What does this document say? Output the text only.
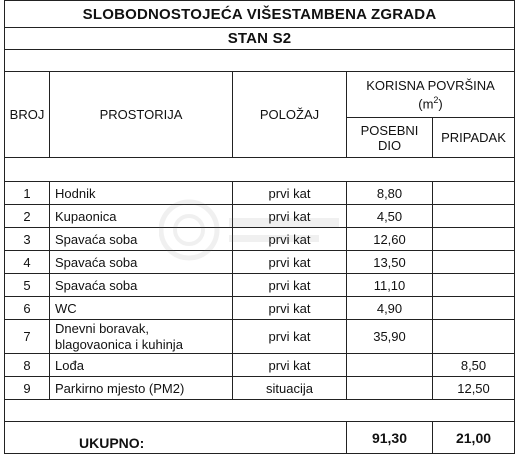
SLOBODNOSTOJEĆA VIŠESTAMBENA ZGRADA				
STAN S2				

BROJ	PROSTORIJA	POLOŽAJ	KORISNA POVRŠINA
$(m^2)$	

			POSEBNI
DIO	PRIPADAK

1	Hodnik	prvi kat	8,80	
2	Kupaonica	prvi kat	4,50	
3	Spavaća soba	prvi kat	12,60	
4	Spavaća soba	prvi kat	13,50	
5	Spavaća soba	prvi kat	11,10	
6	WC	prvi kat	4,90	
7	Dnevni boravak,
blagovaonica i kuhinja	prvi kat	35,90	
8	Lođa	prvi kat		8,50
9	Parkirno mjesto (PM2)	situacija		12,50

UKUPNO:			91,30	21,00
